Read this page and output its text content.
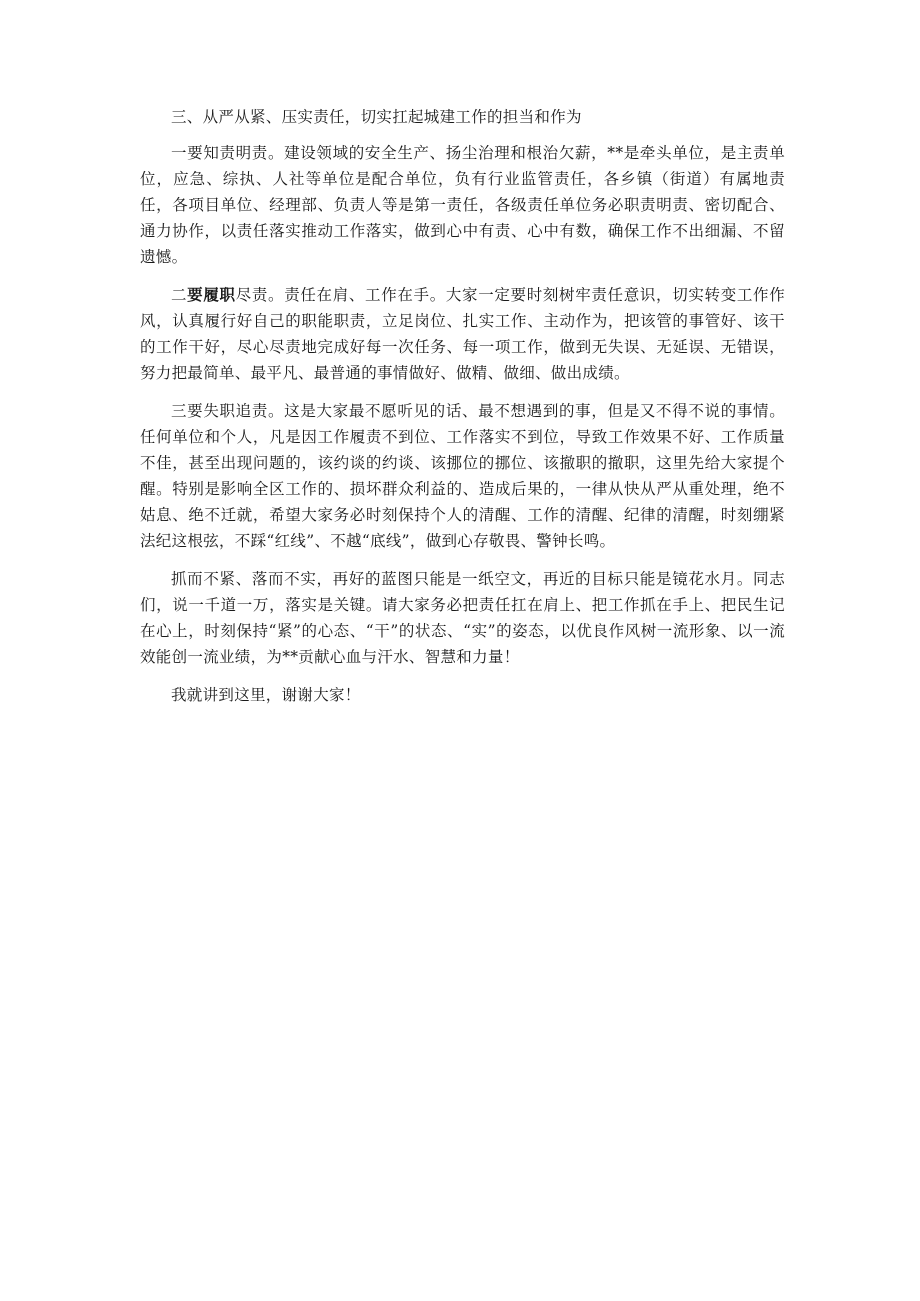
三、从严从紧、压实责任，切实扛起城建工作的担当和作为

一要知责明责。建设领域的安全生产、扬尘治理和根治欠薪，**是牵头单位，是主责单位，应急、综执、人社等单位是配合单位，负有行业监管责任，各乡镇（街道）有属地责任，各项目单位、经理部、负责人等是第一责任，各级责任单位务必职责明责、密切配合、通力协作，以责任落实推动工作落实，做到心中有责、心中有数，确保工作不出细漏、不留遗憾。

二要履职尽责。责任在肩、工作在手。大家一定要时刻树牢责任意识，切实转变工作作风，认真履行好自己的职能职责，立足岗位、扎实工作、主动作为，把该管的事管好、该干的工作干好，尽心尽责地完成好每一次任务、每一项工作，做到无失误、无延误、无错误，努力把最简单、最平凡、最普通的事情做好、做精、做细、做出成绩。

三要失职追责。这是大家最不愿听见的话、最不想遇到的事，但是又不得不说的事情。任何单位和个人，凡是因工作履责不到位、工作落实不到位，导致工作效果不好、工作质量不佳，甚至出现问题的，该约谈的约谈、该挪位的挪位、该撤职的撤职，这里先给大家提个醒。特别是影响全区工作的、损坏群众利益的、造成后果的，一律从快从严从重处理，绝不姑息、绝不迁就，希望大家务必时刻保持个人的清醒、工作的清醒、纪律的清醒，时刻绷紧法纪这根弦，不踩“红线”、不越“底线”，做到心存敬畏、警钟长鸣。

抓而不紧、落而不实，再好的蓝图只能是一纸空文，再近的目标只能是镜花水月。同志们，说一千道一万，落实是关键。请大家务必把责任扛在肩上、把工作抓在手上、把民生记在心上，时刻保持“紧”的心态、“干”的状态、“实”的姿态，以优良作风树一流形象、以一流效能创一流业绩，为**贡献心血与汗水、智慧和力量！

我就讲到这里，谢谢大家！
